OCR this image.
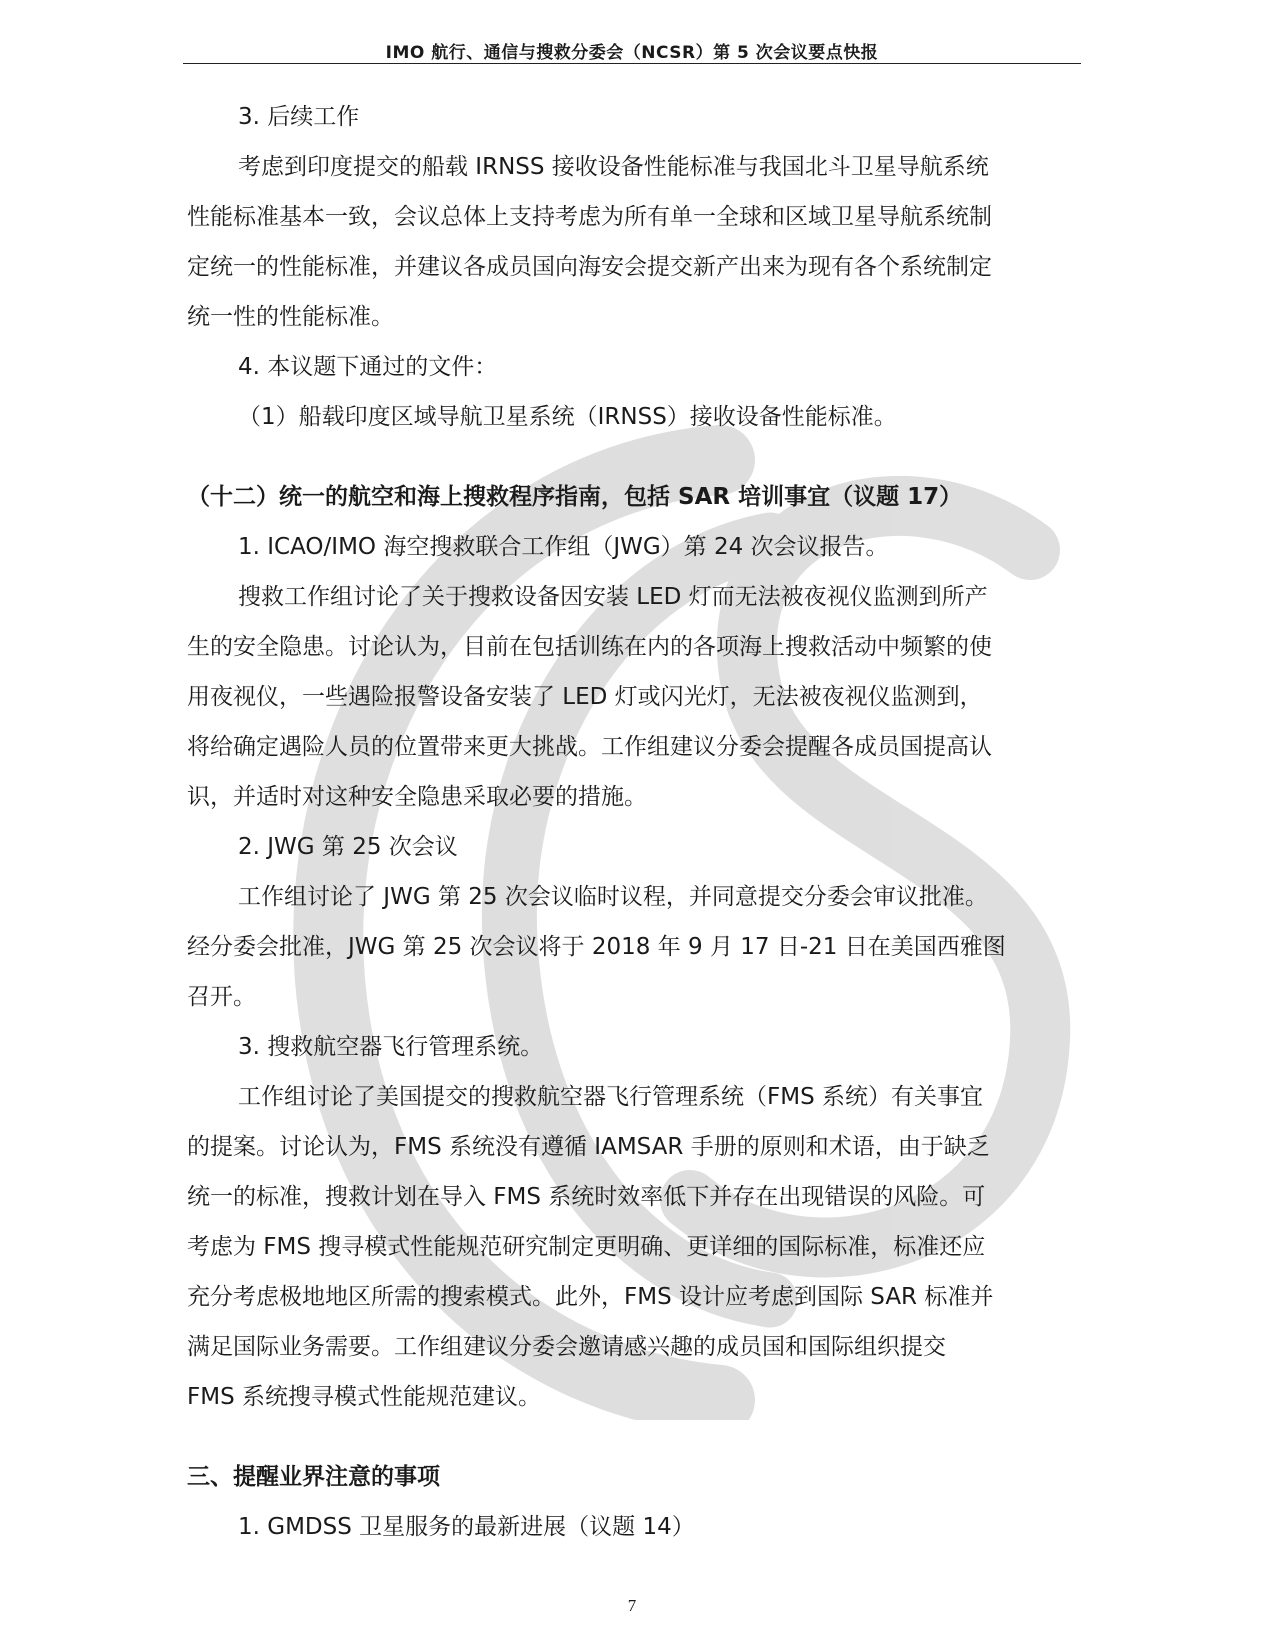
IMO 航行、通信与搜救分委会（NCSR）第 5 次会议要点快报
3. 后续工作
考虑到印度提交的船载 IRNSS 接收设备性能标准与我国北斗卫星导航系统
性能标准基本一致，会议总体上支持考虑为所有单一全球和区域卫星导航系统制
定统一的性能标准，并建议各成员国向海安会提交新产出来为现有各个系统制定
统一性的性能标准。
4. 本议题下通过的文件：
（1）船载印度区域导航卫星系统（IRNSS）接收设备性能标准。
（十二）统一的航空和海上搜救程序指南，包括 SAR 培训事宜（议题 17）
1. ICAO/IMO 海空搜救联合工作组（JWG）第 24 次会议报告。
搜救工作组讨论了关于搜救设备因安装 LED 灯而无法被夜视仪监测到所产
生的安全隐患。讨论认为，目前在包括训练在内的各项海上搜救活动中频繁的使
用夜视仪，一些遇险报警设备安装了 LED 灯或闪光灯，无法被夜视仪监测到，
将给确定遇险人员的位置带来更大挑战。工作组建议分委会提醒各成员国提高认
识，并适时对这种安全隐患采取必要的措施。
2. JWG 第 25 次会议
工作组讨论了 JWG 第 25 次会议临时议程，并同意提交分委会审议批准。
经分委会批准，JWG 第 25 次会议将于 2018 年 9 月 17 日-21 日在美国西雅图
召开。
3. 搜救航空器飞行管理系统。
工作组讨论了美国提交的搜救航空器飞行管理系统（FMS 系统）有关事宜
的提案。讨论认为，FMS 系统没有遵循 IAMSAR 手册的原则和术语，由于缺乏
统一的标准，搜救计划在导入 FMS 系统时效率低下并存在出现错误的风险。可
考虑为 FMS 搜寻模式性能规范研究制定更明确、更详细的国际标准，标准还应
充分考虑极地地区所需的搜索模式。此外，FMS 设计应考虑到国际 SAR 标准并
满足国际业务需要。工作组建议分委会邀请感兴趣的成员国和国际组织提交
FMS 系统搜寻模式性能规范建议。
三、提醒业界注意的事项
1. GMDSS 卫星服务的最新进展（议题 14）
7
